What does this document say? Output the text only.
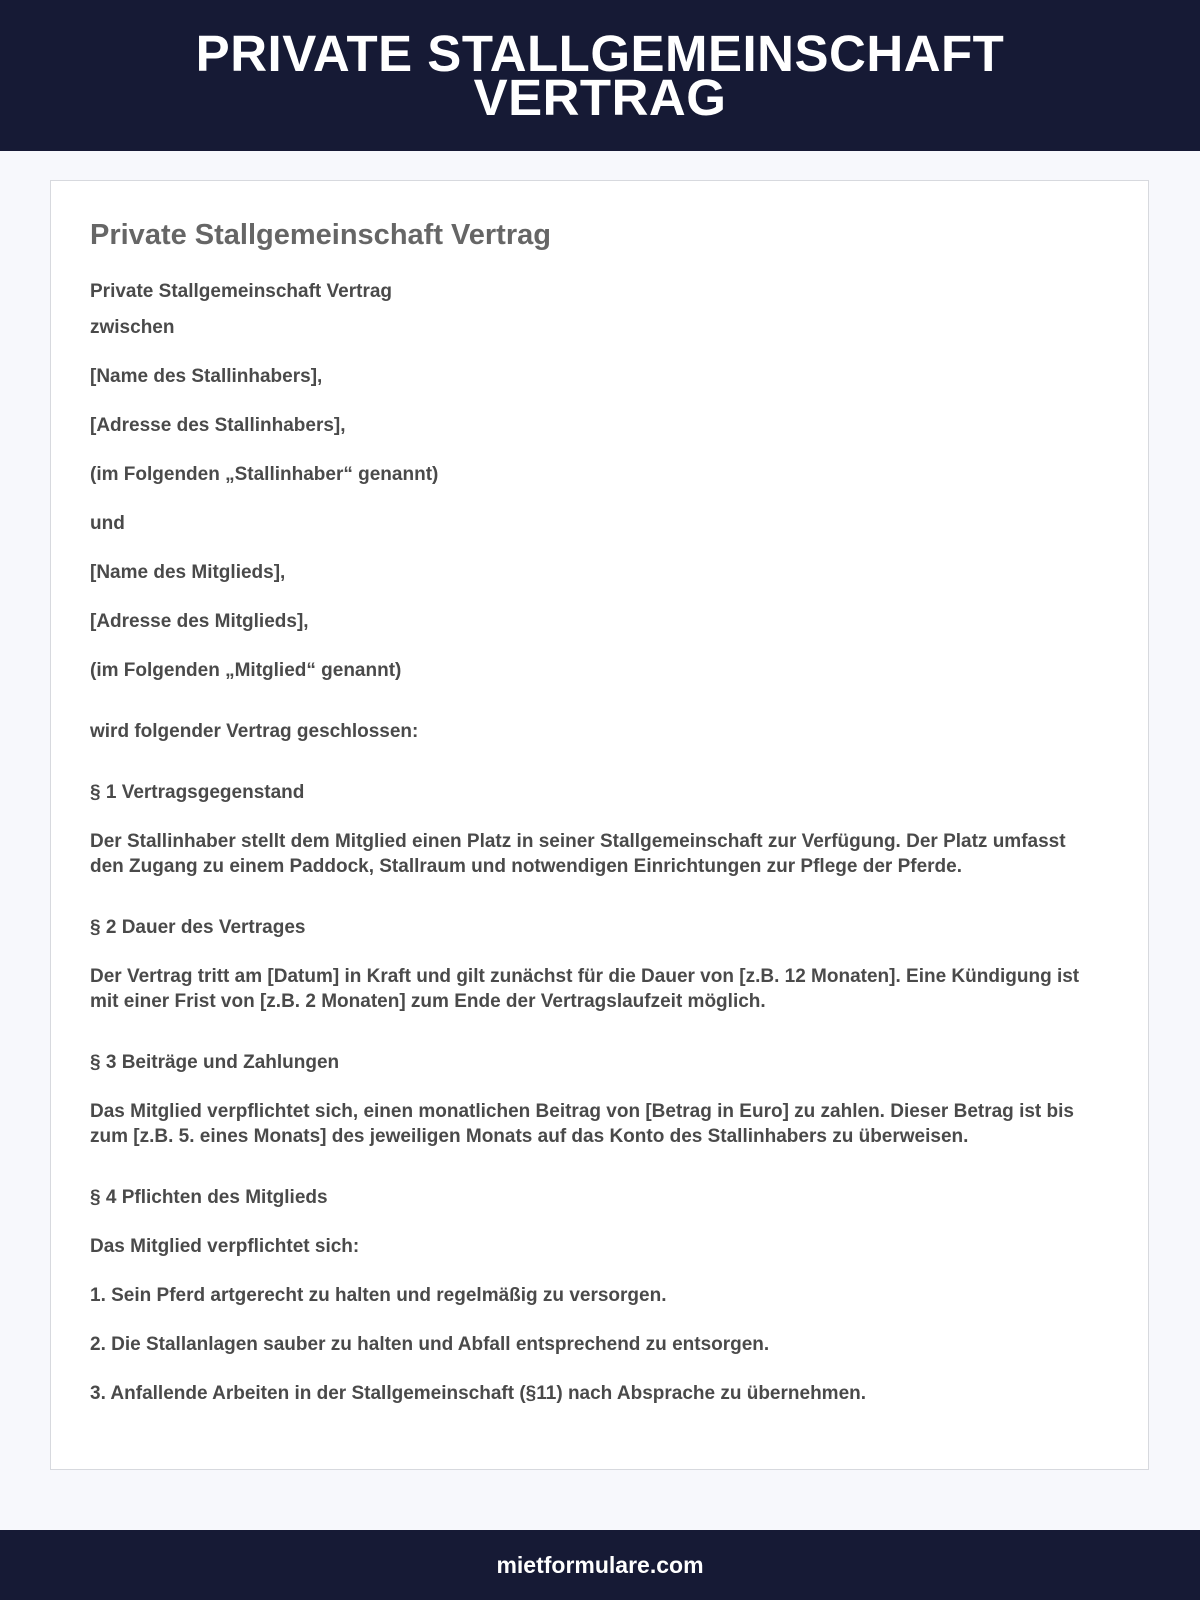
PRIVATE STALLGEMEINSCHAFT VERTRAG
Private Stallgemeinschaft Vertrag

Private Stallgemeinschaft Vertrag

zwischen

[Name des Stallinhabers],

[Adresse des Stallinhabers],

(im Folgenden „Stallinhaber“ genannt)

und

[Name des Mitglieds],

[Adresse des Mitglieds],

(im Folgenden „Mitglied“ genannt)

wird folgender Vertrag geschlossen:

§ 1 Vertragsgegenstand

Der Stallinhaber stellt dem Mitglied einen Platz in seiner Stallgemeinschaft zur Verfügung. Der Platz umfasst den Zugang zu einem Paddock, Stallraum und notwendigen Einrichtungen zur Pflege der Pferde.

§ 2 Dauer des Vertrages

Der Vertrag tritt am [Datum] in Kraft und gilt zunächst für die Dauer von [z.B. 12 Monaten]. Eine Kündigung ist mit einer Frist von [z.B. 2 Monaten] zum Ende der Vertragslaufzeit möglich.

§ 3 Beiträge und Zahlungen

Das Mitglied verpflichtet sich, einen monatlichen Beitrag von [Betrag in Euro] zu zahlen. Dieser Betrag ist bis zum [z.B. 5. eines Monats] des jeweiligen Monats auf das Konto des Stallinhabers zu überweisen.

§ 4 Pflichten des Mitglieds

Das Mitglied verpflichtet sich:

1. Sein Pferd artgerecht zu halten und regelmäßig zu versorgen.

2. Die Stallanlagen sauber zu halten und Abfall entsprechend zu entsorgen.

3. Anfallende Arbeiten in der Stallgemeinschaft (§11) nach Absprache zu übernehmen.

mietformulare.com
